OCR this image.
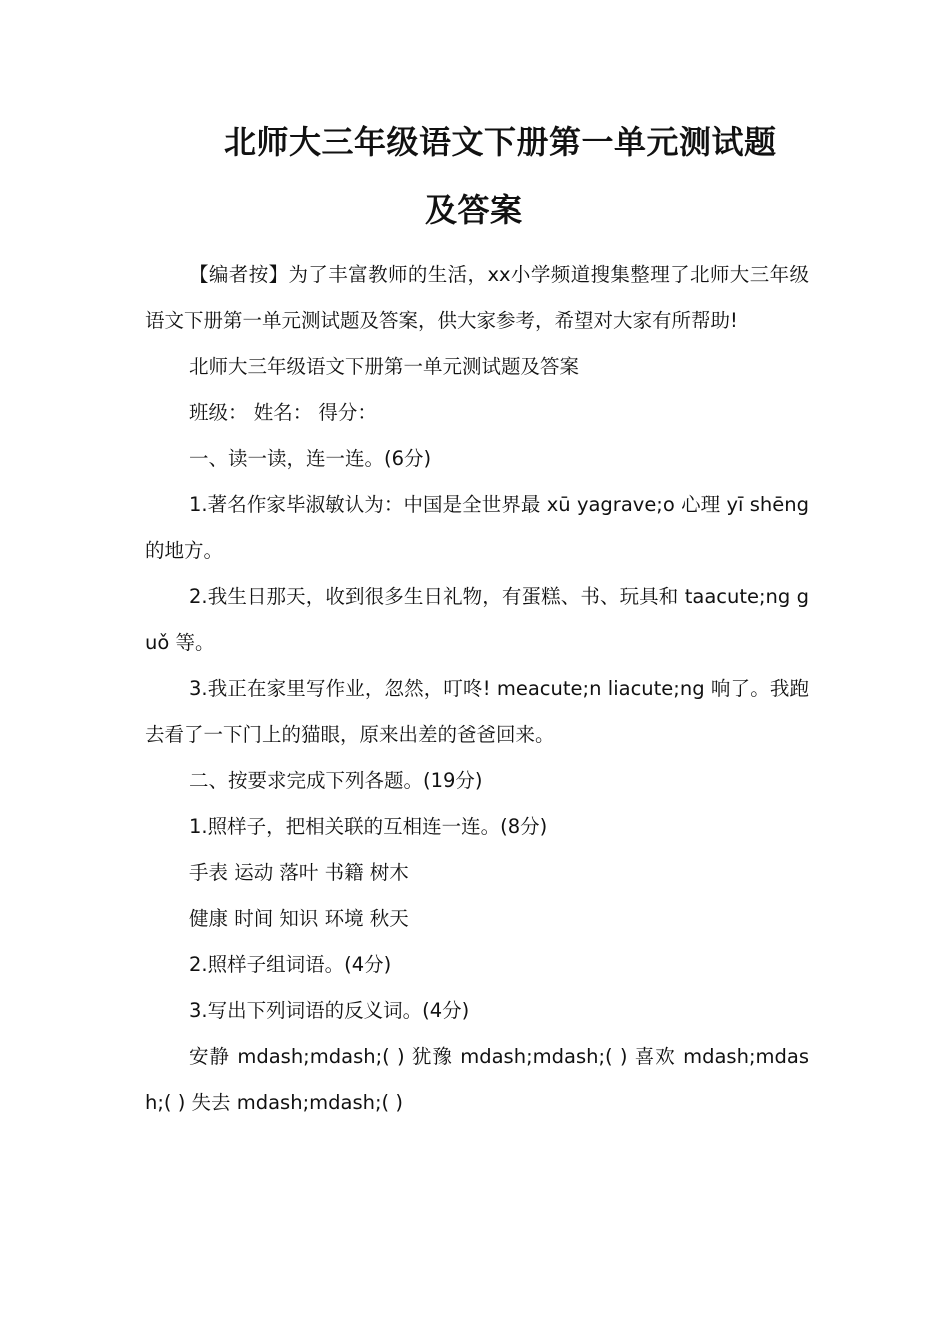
北师大三年级语文下册第一单元测试题
及答案

【编者按】为了丰富教师的生活，xx小学频道搜集整理了北师大三年级语文下册第一单元测试题及答案，供大家参考，希望对大家有所帮助!

北师大三年级语文下册第一单元测试题及答案

班级： 姓名： 得分：

一、读一读，连一连。(6分)

1.著名作家毕淑敏认为：中国是全世界最 xū yagrave;o 心理 yī shēng 的地方。

2.我生日那天，收到很多生日礼物，有蛋糕、书、玩具和 taacute;ng guǒ 等。

3.我正在家里写作业，忽然，叮咚! meacute;n liacute;ng 响了。我跑去看了一下门上的猫眼，原来出差的爸爸回来。

二、按要求完成下列各题。(19分)

1.照样子，把相关联的互相连一连。(8分)

手表 运动 落叶 书籍 树木

健康 时间 知识 环境 秋天

2.照样子组词语。(4分)

3.写出下列词语的反义词。(4分)

安静 mdash;mdash;( ) 犹豫 mdash;mdash;( ) 喜欢 mdash;mdash;( ) 失去 mdash;mdash;( )
